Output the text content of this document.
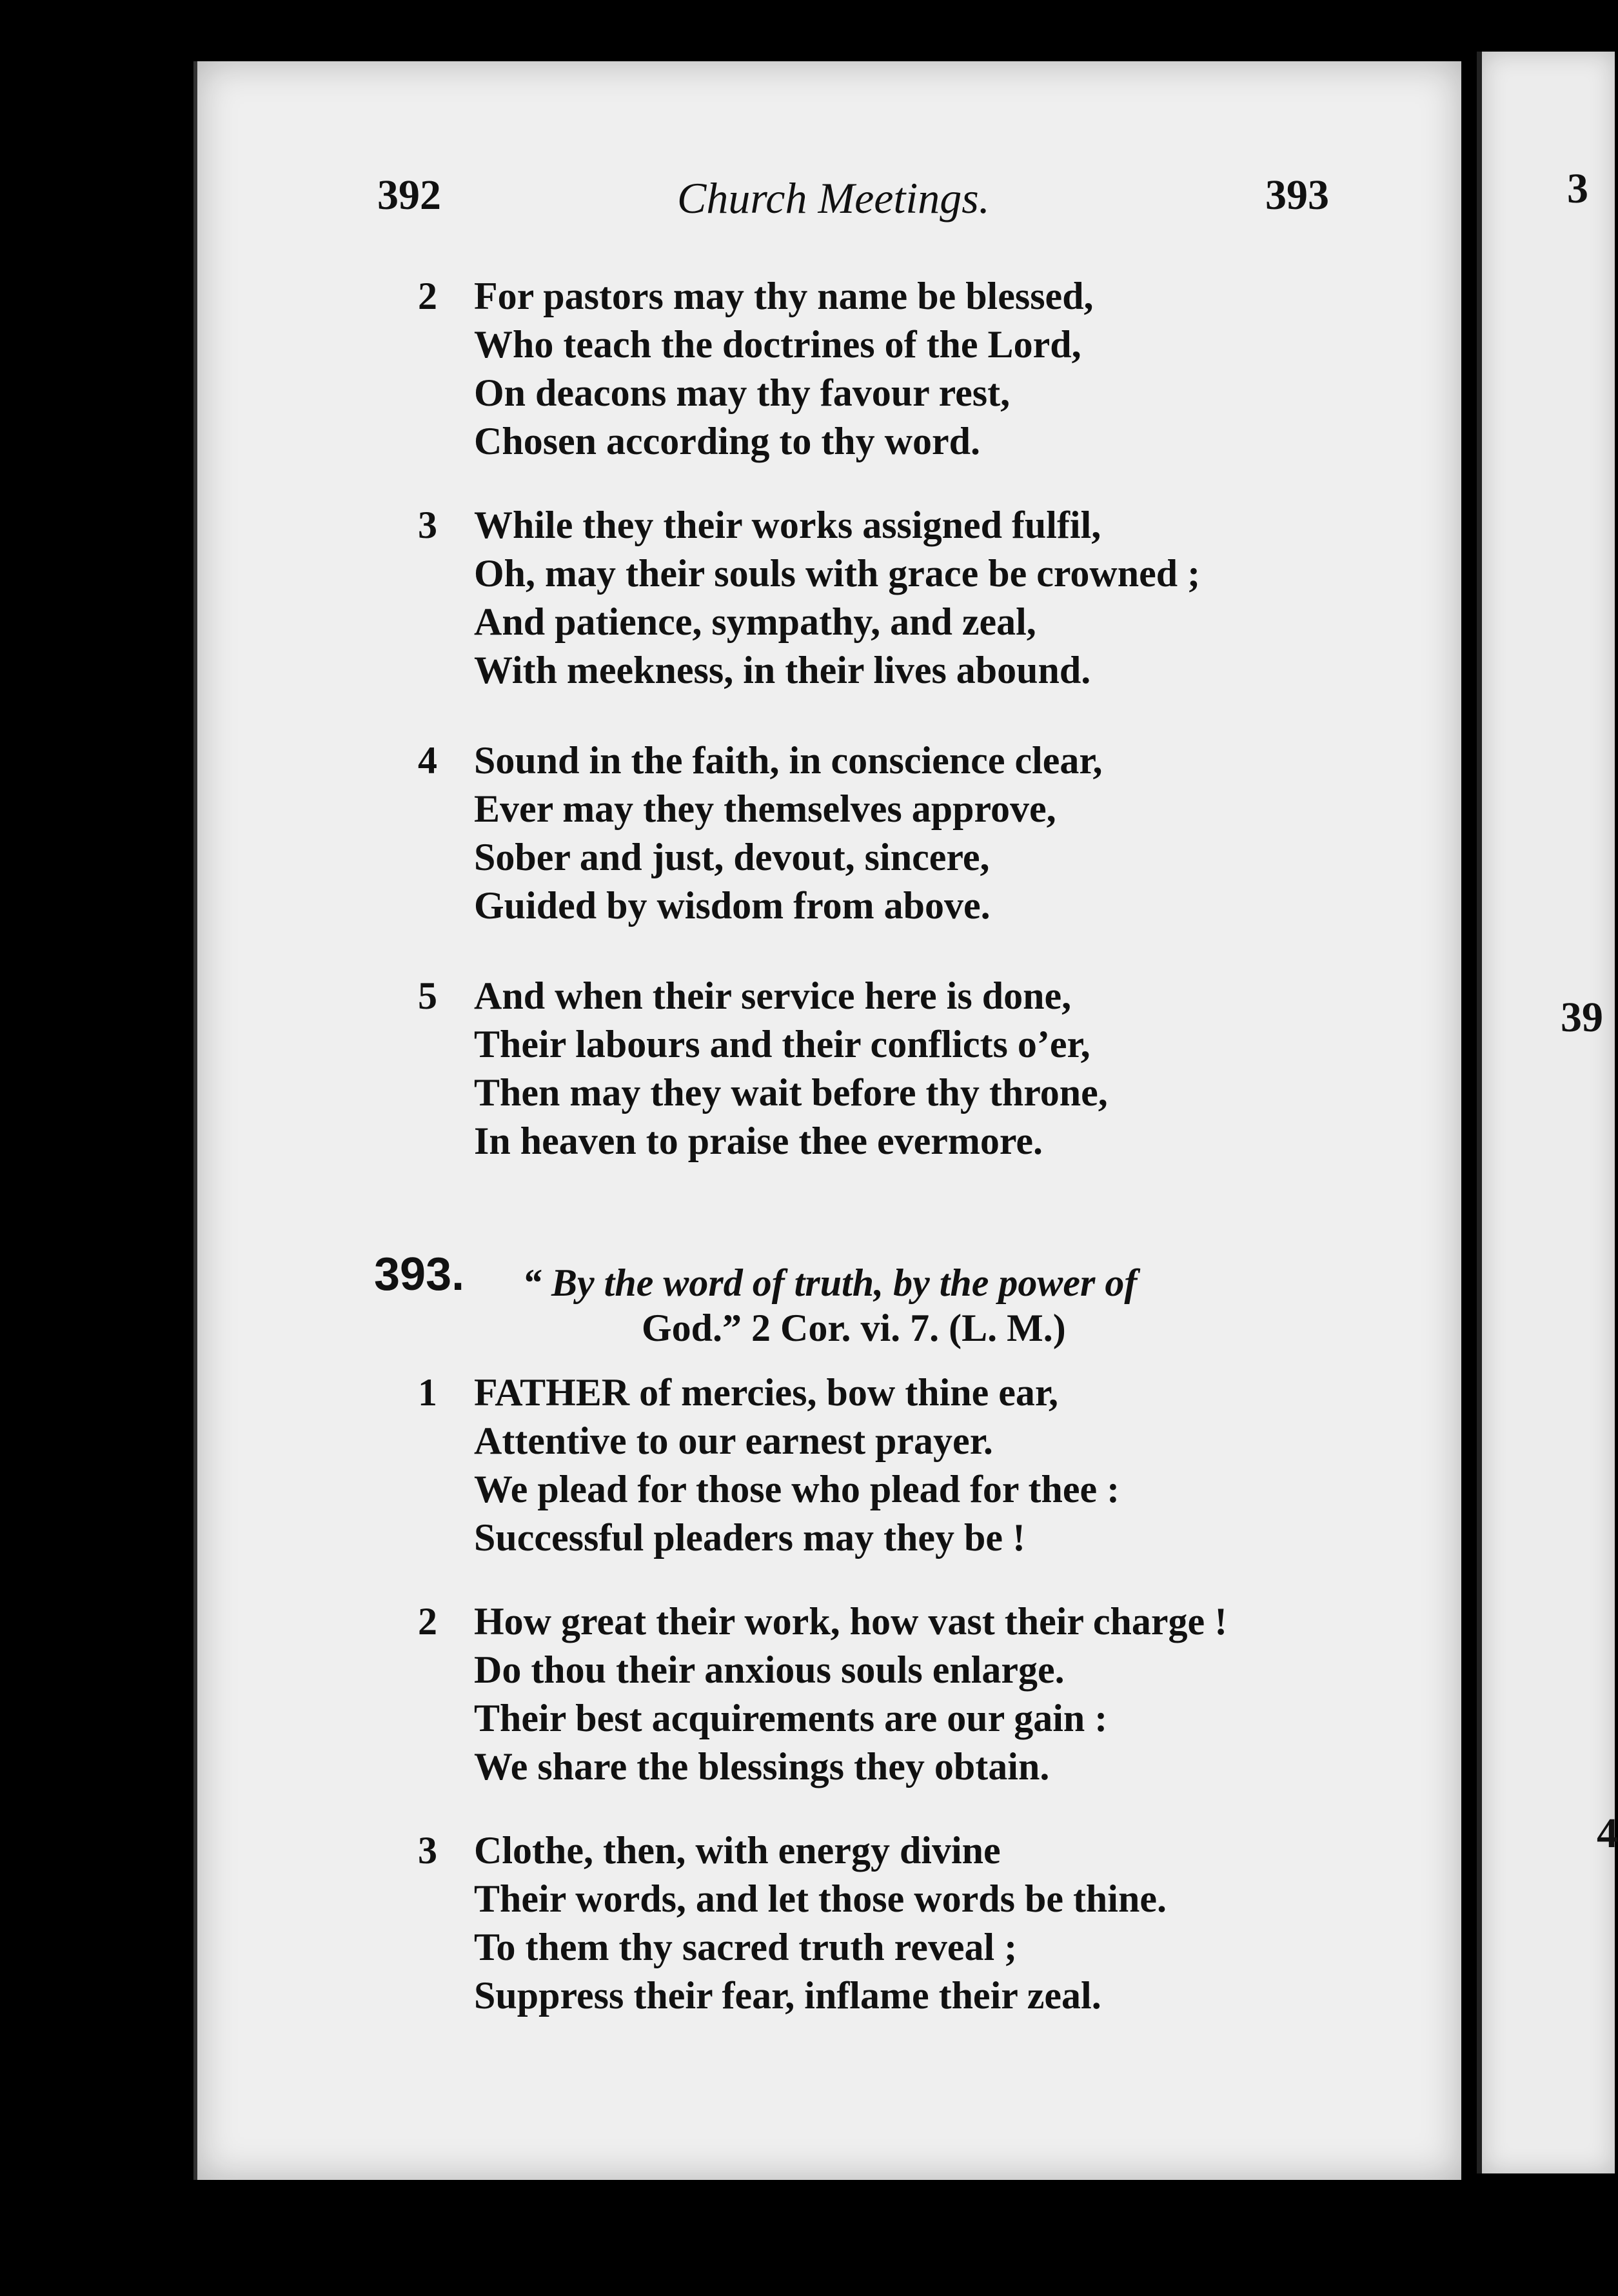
392	Church Meetings.	393
2 For pastors may thy name be blessed,
Who teach the doctrines of the Lord,
On deacons may thy favour rest,
Chosen according to thy word.
3 While they their works assigned fulfil,
Oh, may their souls with grace be crowned ;
And patience, sympathy, and zeal,
With meekness, in their lives abound.
4 Sound in the faith, in conscience clear,
Ever may they themselves approve,
Sober and just, devout, sincere,
Guided by wisdom from above.
5 And when their service here is done,
Their labours and their conflicts o’er,
Then may they wait before thy throne,
In heaven to praise thee evermore.
393. “ By the word of truth, by the power of
God.” 2 Cor. vi. 7. (L. M.)
1 FATHER of mercies, bow thine ear,
Attentive to our earnest prayer.
We plead for those who plead for thee :
Successful pleaders may they be !
2 How great their work, how vast their charge !
Do thou their anxious souls enlarge.
Their best acquirements are our gain :
We share the blessings they obtain.
3 Clothe, then, with energy divine
Their words, and let those words be thine.
To them thy sacred truth reveal ;
Suppress their fear, inflame their zeal.
3
39
4
